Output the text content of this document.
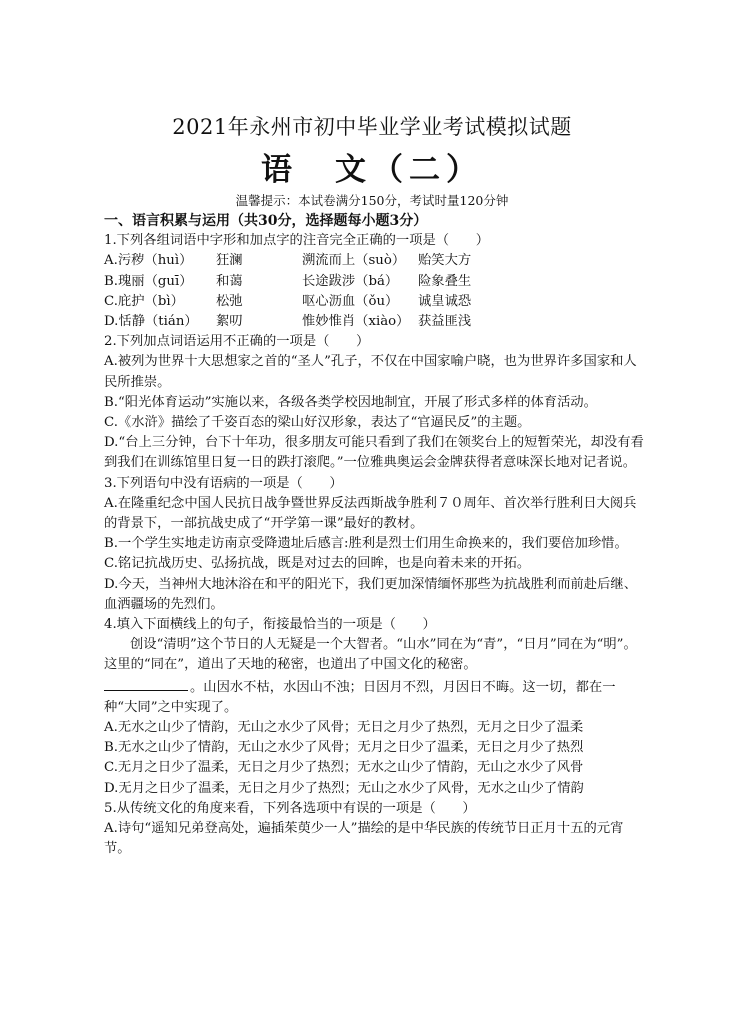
2021年永州市初中毕业学业考试模拟试题
语　文（二）
温馨提示：本试卷满分150分，考试时量120分钟

一、语言积累与运用（共30分，选择题每小题3分）

1.下列各组词语中字形和加点字的注音完全正确的一项是（　　）

A.污秽（huì）	狂澜	溯流而上（suò） 贻笑大方
B.瑰丽（guī）	和蔼	长途跋涉（bá）	险象叠生
C.庇护（bì）	松弛	呕心沥血（ǒu）	诚皇诚恐
D.恬静（tián）	絮叨	惟妙惟肖（xiào） 获益匪浅

2.下列加点词语运用不正确的一项是（　　）

A.被列为世界十大思想家之首的“圣人”孔子，不仅在中国家喻户晓，也为世界许多国家和人民所推崇。

B.“阳光体育运动”实施以来，各级各类学校因地制宜，开展了形式多样的体育活动。

C.《水浒》描绘了千姿百态的梁山好汉形象，表达了“官逼民反”的主题。

D.“台上三分钟，台下十年功，很多朋友可能只看到了我们在领奖台上的短暂荣光，却没有看到我们在训练馆里日复一日的跌打滚爬。”一位雅典奥运会金牌获得者意味深长地对记者说。

3.下列语句中没有语病的一项是（　　）

A.在隆重纪念中国人民抗日战争暨世界反法西斯战争胜利７０周年、首次举行胜利日大阅兵的背景下，一部抗战史成了“开学第一课”最好的教材。

B.一个学生实地走访南京受降遗址后感言:胜利是烈士们用生命换来的，我们要倍加珍惜。

C.铭记抗战历史、弘扬抗战，既是对过去的回眸，也是向着未来的开拓。

D.今天，当神州大地沐浴在和平的阳光下，我们更加深情缅怀那些为抗战胜利而前赴后继、血洒疆场的先烈们。

4.填入下面横线上的句子，衔接最恰当的一项是（　　）

创设“清明”这个节日的人无疑是一个大智者。“山水”同在为“青”，“日月”同在为“明”。这里的“同在”，道出了天地的秘密，也道出了中国文化的秘密。

。山因水不枯，水因山不浊；日因月不烈，月因日不晦。这一切，都在一种“大同”之中实现了。

A.无水之山少了情韵，无山之水少了风骨；无日之月少了热烈，无月之日少了温柔

B.无水之山少了情韵，无山之水少了风骨；无月之日少了温柔，无日之月少了热烈

C.无月之日少了温柔，无日之月少了热烈；无水之山少了情韵，无山之水少了风骨

D.无月之日少了温柔，无日之月少了热烈；无山之水少了风骨，无水之山少了情韵

5.从传统文化的角度来看，下列各选项中有误的一项是（　　）

A.诗句“遥知兄弟登高处，遍插茱萸少一人”描绘的是中华民族的传统节日正月十五的元宵节。
